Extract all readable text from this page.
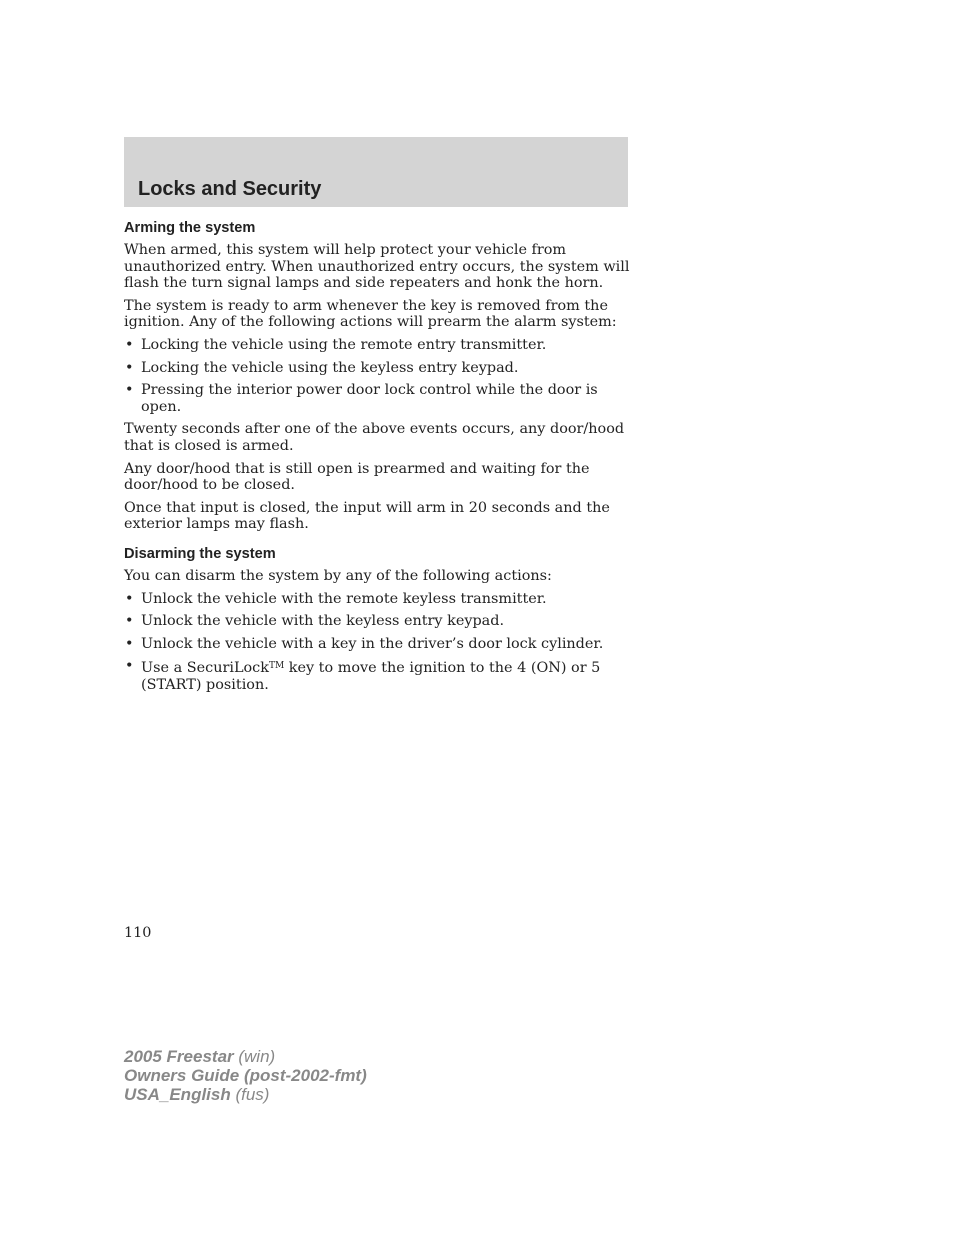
Locks and Security
Arming the system

When armed, this system will help protect your vehicle from unauthorized entry. When unauthorized entry occurs, the system will flash the turn signal lamps and side repeaters and honk the horn.

The system is ready to arm whenever the key is removed from the ignition. Any of the following actions will prearm the alarm system:

• Locking the vehicle using the remote entry transmitter.
• Locking the vehicle using the keyless entry keypad.
• Pressing the interior power door lock control while the door is open.

Twenty seconds after one of the above events occurs, any door/hood that is closed is armed.

Any door/hood that is still open is prearmed and waiting for the door/hood to be closed.

Once that input is closed, the input will arm in 20 seconds and the exterior lamps may flash.

Disarming the system

You can disarm the system by any of the following actions:

• Unlock the vehicle with the remote keyless transmitter.
• Unlock the vehicle with the keyless entry keypad.
• Unlock the vehicle with a key in the driver’s door lock cylinder.
• Use a SecuriLock™ key to move the ignition to the 4 (ON) or 5 (START) position.
110
2005 Freestar (win)
Owners Guide (post-2002-fmt)
USA_English (fus)
